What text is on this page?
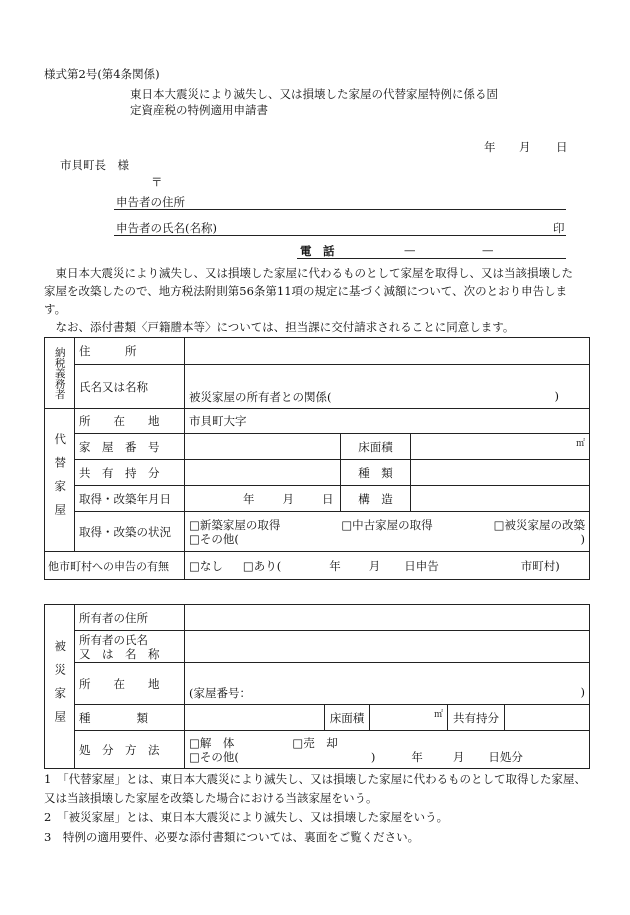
様式第2号(第4条関係)
東日本大震災により滅失し、又は損壊した家屋の代替家屋特例に係る固
定資産税の特例適用申請書
年 月 日
市貝町長　様
〒
申告者の住所
申告者の氏名(名称)	印
電　話	—	—
　東日本大震災により滅失し、又は損壊した家屋に代わるものとして家屋を取得し、又は当該損壊した家屋を改築したので、地方税法附則第56条第11項の規定に基づく減額について、次のとおり申告します。
　なお、添付書類〈戸籍謄本等〉については、担当課に交付請求されることに同意します。
納税義務者	住　　　所			
	氏名又は名称	被災家屋の所有者との関係( )		

代替家屋	所　　在　　地	市貝町大字		
	家　屋　番　号		床面積	㎡

	共　有　持　分		種　類	
	取得・改築年月日	年 月 日	構　造	
	取得・改築の状況	□新築家屋の取得 □中古家屋の取得 □被災家屋の改築
□その他( )		

他市町村への申告の有無		□なし □あり( 年 月 日申告 市町村)		
被災家屋	所有者の住所					

	所有者の氏名
又　は　名　称					

	所　　在　　地	(家屋番号： )				

	種　　　　類		床面積	㎡	共有持分	
	処　分　方　法	□解　体 □売　却
□その他( ) 年 月 日処分				
1　「代替家屋」とは、東日本大震災により滅失し、又は損壊した家屋に代わるものとして取得した家屋、又は当該損壊した家屋を改築した場合における当該家屋をいう。
2　「被災家屋」とは、東日本大震災により滅失し、又は損壊した家屋をいう。
3　特例の適用要件、必要な添付書類については、裏面をご覧ください。
